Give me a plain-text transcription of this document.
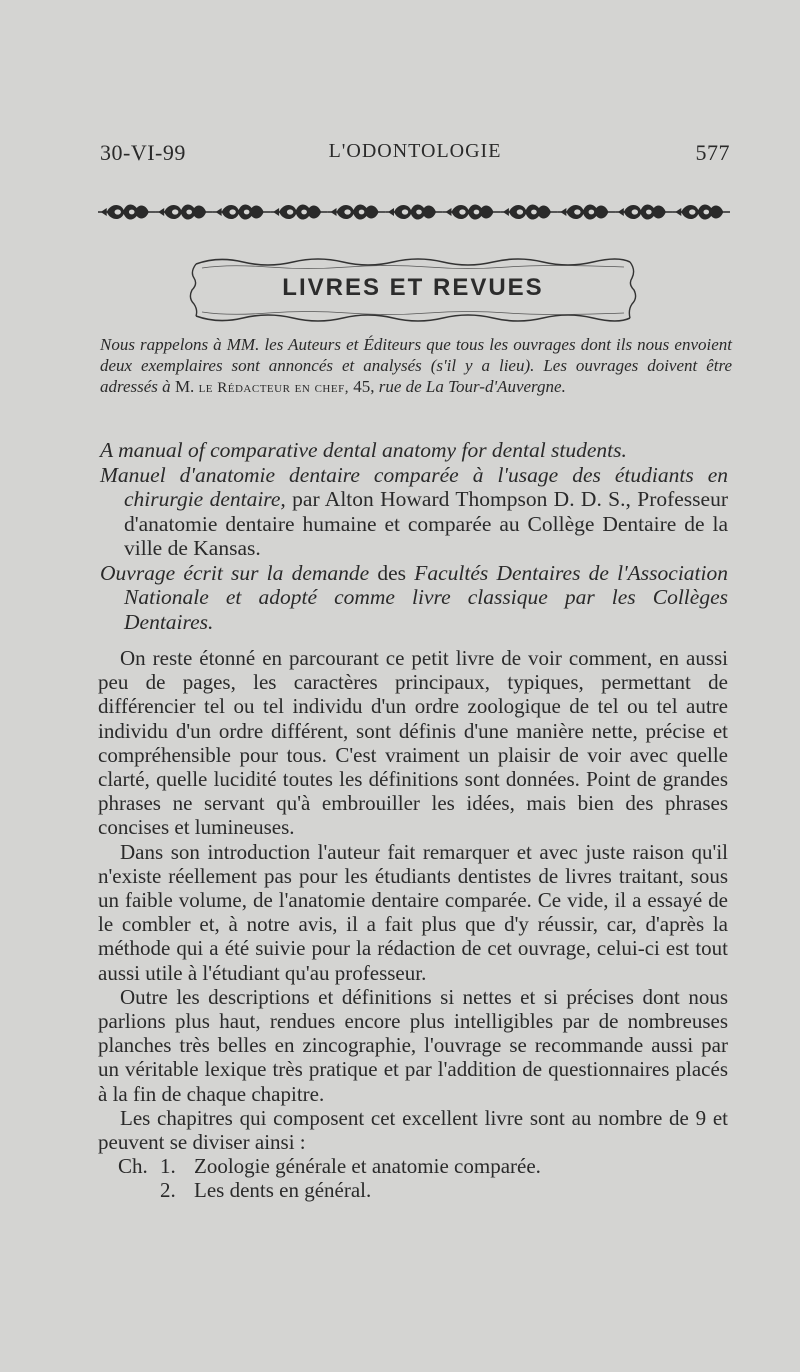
30-VI-99	L'ODONTOLOGIE	577
LIVRES ET REVUES
Nous rappelons à MM. les Auteurs et Éditeurs que tous les ouvrages dont ils nous envoient deux exemplaires sont annoncés et analysés (s'il y a lieu). Les ouvrages doivent être adressés à M. le Rédacteur en chef, 45, rue de La Tour-d'Auvergne.

A manual of comparative dental anatomy for dental students.

Manuel d'anatomie dentaire comparée à l'usage des étudiants en chirurgie dentaire, par Alton Howard Thompson D. D. S., Professeur d'anatomie dentaire humaine et comparée au Collège Dentaire de la ville de Kansas.

Ouvrage écrit sur la demande des Facultés Dentaires de l'Association Nationale et adopté comme livre classique par les Collèges Dentaires.

On reste étonné en parcourant ce petit livre de voir comment, en aussi peu de pages, les caractères principaux, typiques, permettant de différencier tel ou tel individu d'un ordre zoologique de tel ou tel autre individu d'un ordre différent, sont définis d'une manière nette, précise et compréhensible pour tous. C'est vraiment un plaisir de voir avec quelle clarté, quelle lucidité toutes les définitions sont données. Point de grandes phrases ne servant qu'à embrouiller les idées, mais bien des phrases concises et lumineuses.

Dans son introduction l'auteur fait remarquer et avec juste raison qu'il n'existe réellement pas pour les étudiants dentistes de livres traitant, sous un faible volume, de l'anatomie dentaire comparée. Ce vide, il a essayé de le combler et, à notre avis, il a fait plus que d'y réussir, car, d'après la méthode qui a été suivie pour la rédaction de cet ouvrage, celui-ci est tout aussi utile à l'étudiant qu'au professeur.

Outre les descriptions et définitions si nettes et si précises dont nous parlions plus haut, rendues encore plus intelligibles par de nombreuses planches très belles en zincographie, l'ouvrage se recommande aussi par un véritable lexique très pratique et par l'addition de questionnaires placés à la fin de chaque chapitre.

Les chapitres qui composent cet excellent livre sont au nombre de 9 et peuvent se diviser ainsi :

Ch. 1. Zoologie générale et anatomie comparée.
2. Les dents en général.
